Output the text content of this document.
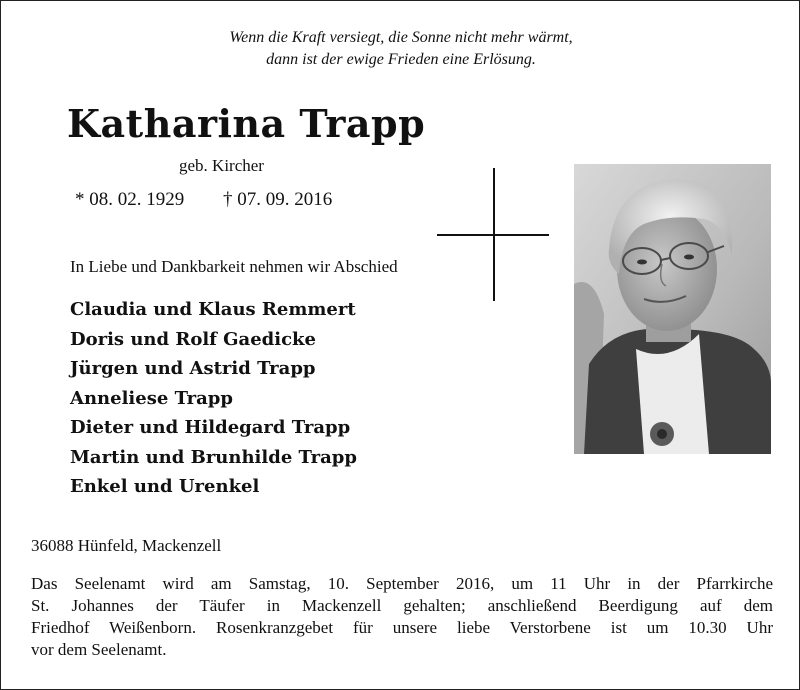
Wenn die Kraft versiegt, die Sonne nicht mehr wärmt,
dann ist der ewige Frieden eine Erlösung.
Katharina Trapp
geb. Kircher
* 08. 02. 1929 † 07. 09. 2016
In Liebe und Dankbarkeit nehmen wir Abschied
Claudia und Klaus Remmert
Doris und Rolf Gaedicke
Jürgen und Astrid Trapp
Anneliese Trapp
Dieter und Hildegard Trapp
Martin und Brunhilde Trapp
Enkel und Urenkel
36088 Hünfeld, Mackenzell

Das Seelenamt wird am Samstag, 10. September 2016, um 11 Uhr in der Pfarrkirche
St. Johannes der Täufer in Mackenzell gehalten; anschließend Beerdigung auf dem
Friedhof Weißenborn. Rosenkranzgebet für unsere liebe Verstorbene ist um 10.30 Uhr
vor dem Seelenamt.
